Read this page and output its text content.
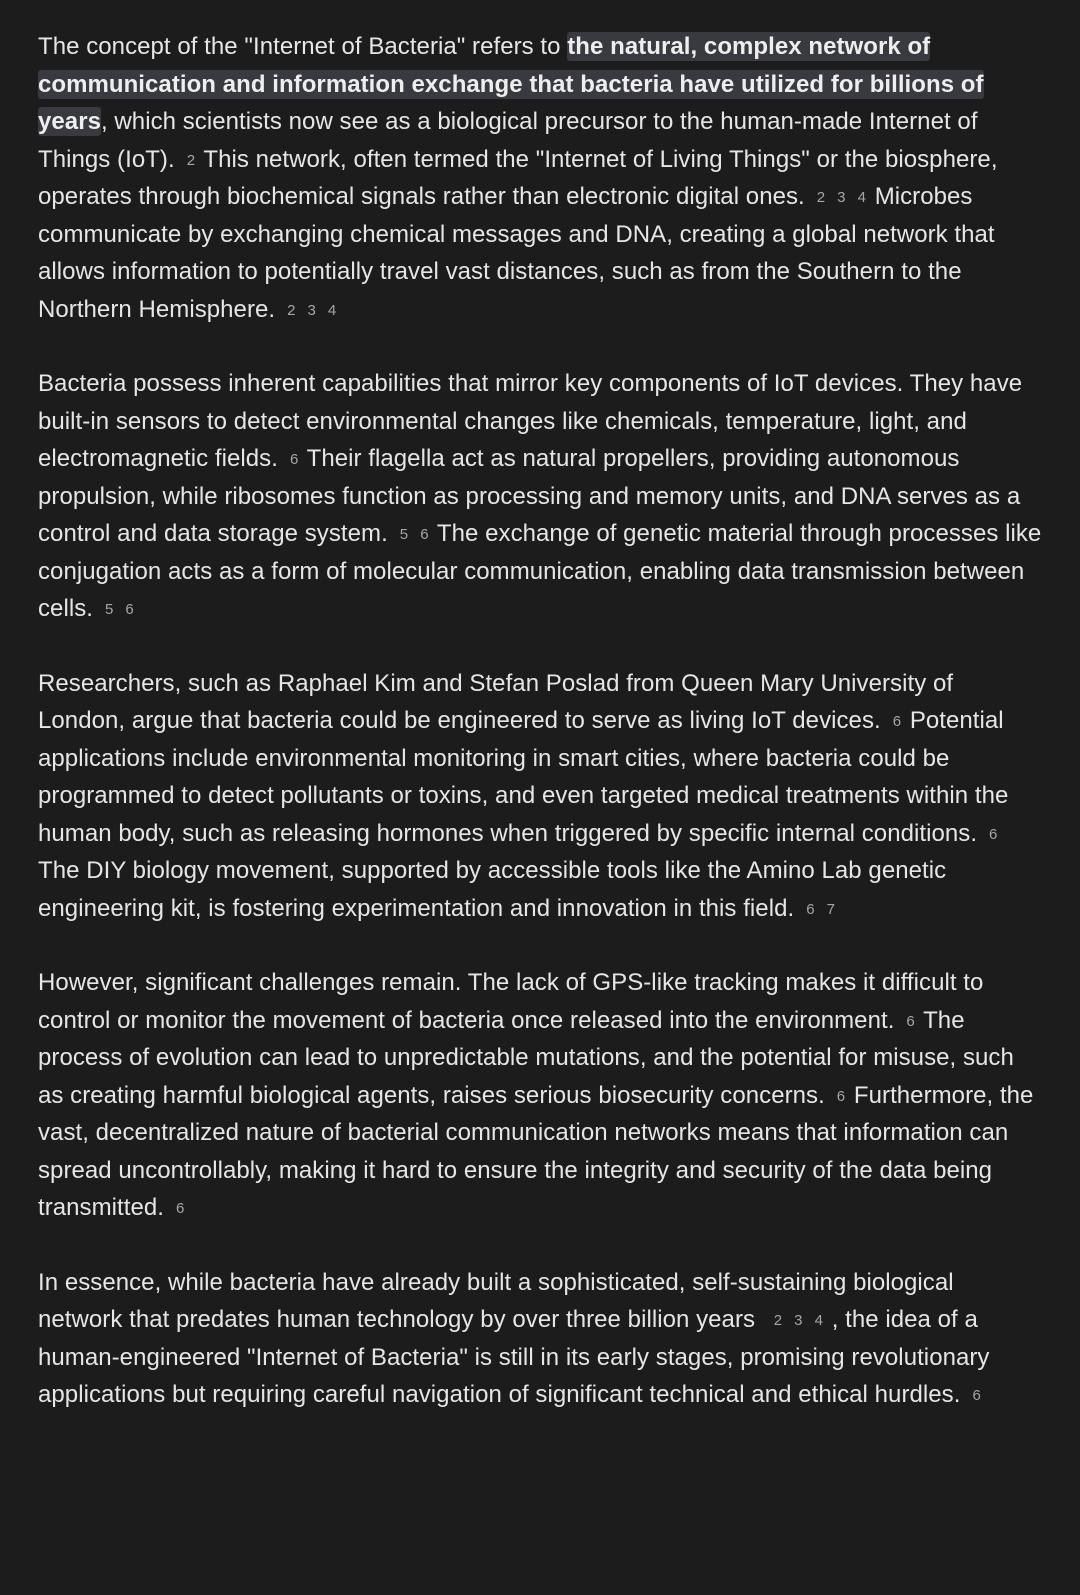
The concept of the "Internet of Bacteria" refers to the natural, complex network of communication and information exchange that bacteria have utilized for billions of years, which scientists now see as a biological precursor to the human-made Internet of Things (IoT). 2 This network, often termed the "Internet of Living Things" or the biosphere, operates through biochemical signals rather than electronic digital ones. 2 3 4 Microbes communicate by exchanging chemical messages and DNA, creating a global network that allows information to potentially travel vast distances, such as from the Southern to the Northern Hemisphere. 2 3 4

Bacteria possess inherent capabilities that mirror key components of IoT devices. They have built-in sensors to detect environmental changes like chemicals, temperature, light, and electromagnetic fields. 6 Their flagella act as natural propellers, providing autonomous propulsion, while ribosomes function as processing and memory units, and DNA serves as a control and data storage system. 5 6 The exchange of genetic material through processes like conjugation acts as a form of molecular communication, enabling data transmission between cells. 5 6

Researchers, such as Raphael Kim and Stefan Poslad from Queen Mary University of London, argue that bacteria could be engineered to serve as living IoT devices. 6 Potential applications include environmental monitoring in smart cities, where bacteria could be programmed to detect pollutants or toxins, and even targeted medical treatments within the human body, such as releasing hormones when triggered by specific internal conditions. 6 The DIY biology movement, supported by accessible tools like the Amino Lab genetic engineering kit, is fostering experimentation and innovation in this field. 6 7

However, significant challenges remain. The lack of GPS-like tracking makes it difficult to control or monitor the movement of bacteria once released into the environment. 6 The process of evolution can lead to unpredictable mutations, and the potential for misuse, such as creating harmful biological agents, raises serious biosecurity concerns. 6 Furthermore, the vast, decentralized nature of bacterial communication networks means that information can spread uncontrollably, making it hard to ensure the integrity and security of the data being transmitted. 6

In essence, while bacteria have already built a sophisticated, self-sustaining biological network that predates human technology by over three billion years 2 3 4 , the idea of a human-engineered "Internet of Bacteria" is still in its early stages, promising revolutionary applications but requiring careful navigation of significant technical and ethical hurdles. 6
